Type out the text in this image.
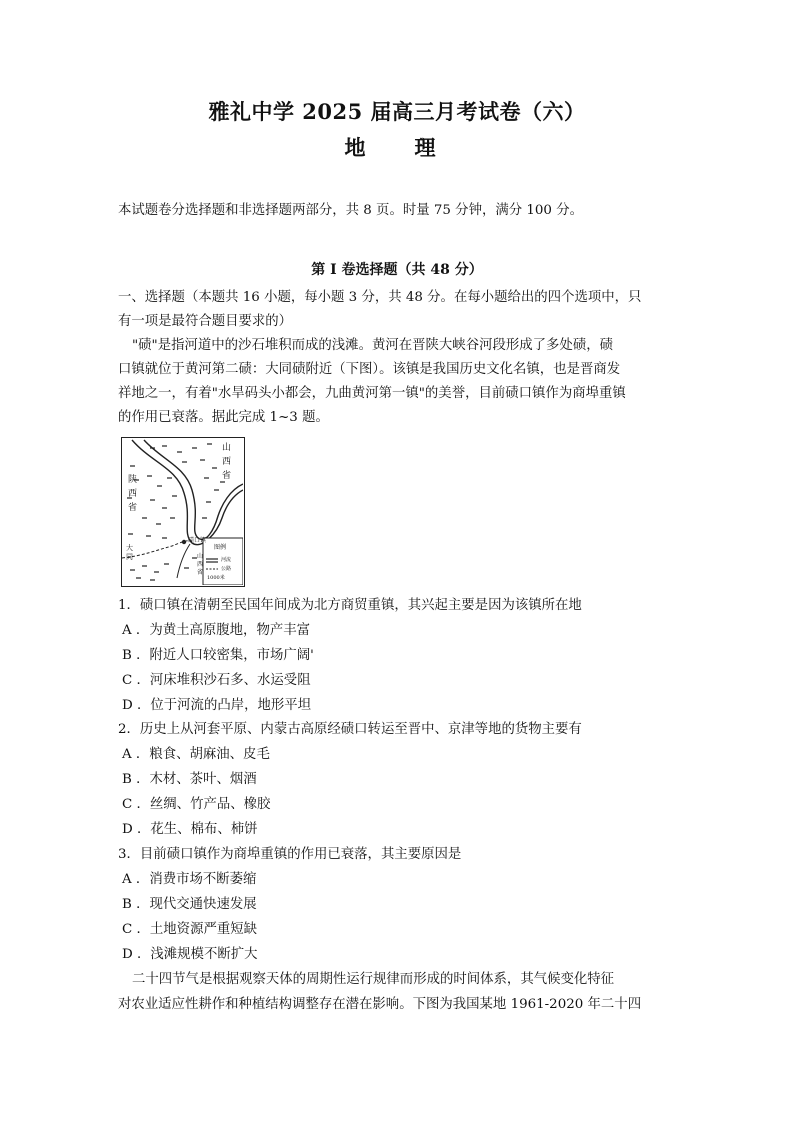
雅礼中学 2025 届高三月考试卷（六）
地　理
本试题卷分选择题和非选择题两部分，共 8 页。时量 75 分钟，满分 100 分。
第 I 卷选择题（共 48 分）
一、选择题（本题共 16 小题，每小题 3 分，共 48 分。在每小题给出的四个选项中，只
有一项是最符合题目要求的）
"碛"是指河道中的沙石堆积而成的浅滩。黄河在晋陕大峡谷河段形成了多处碛，碛
口镇就位于黄河第二碛：大同碛附近（下图）。该镇是我国历史文化名镇，也是晋商发
祥地之一，有着"水旱码头小都会，九曲黄河第一镇"的美誉，目前碛口镇作为商埠重镇
的作用已衰落。据此完成 1~3 题。
山
西
省
陕
西
省
碛口镇
大
同	山
西
省
图例
河流
公路
1000米
1．碛口镇在清朝至民国年间成为北方商贸重镇，其兴起主要是因为该镇所在地
A ．为黄土高原腹地，物产丰富
B ．附近人口较密集，市场广阔'
C ．河床堆积沙石多、水运受阻
D ．位于河流的凸岸，地形平坦
2．历史上从河套平原、内蒙古高原经碛口转运至晋中、京津等地的货物主要有
A ．粮食、胡麻油、皮毛
B ．木材、茶叶、烟酒
C ．丝绸、竹产品、橡胶
D ．花生、棉布、柿饼
3．目前碛口镇作为商埠重镇的作用已衰落，其主要原因是
A ．消费市场不断萎缩
B ．现代交通快速发展
C ．土地资源严重短缺
D ．浅滩规模不断扩大
二十四节气是根据观察天体的周期性运行规律而形成的时间体系，其气候变化特征
对农业适应性耕作和种植结构调整存在潜在影响。下图为我国某地 1961-2020 年二十四
